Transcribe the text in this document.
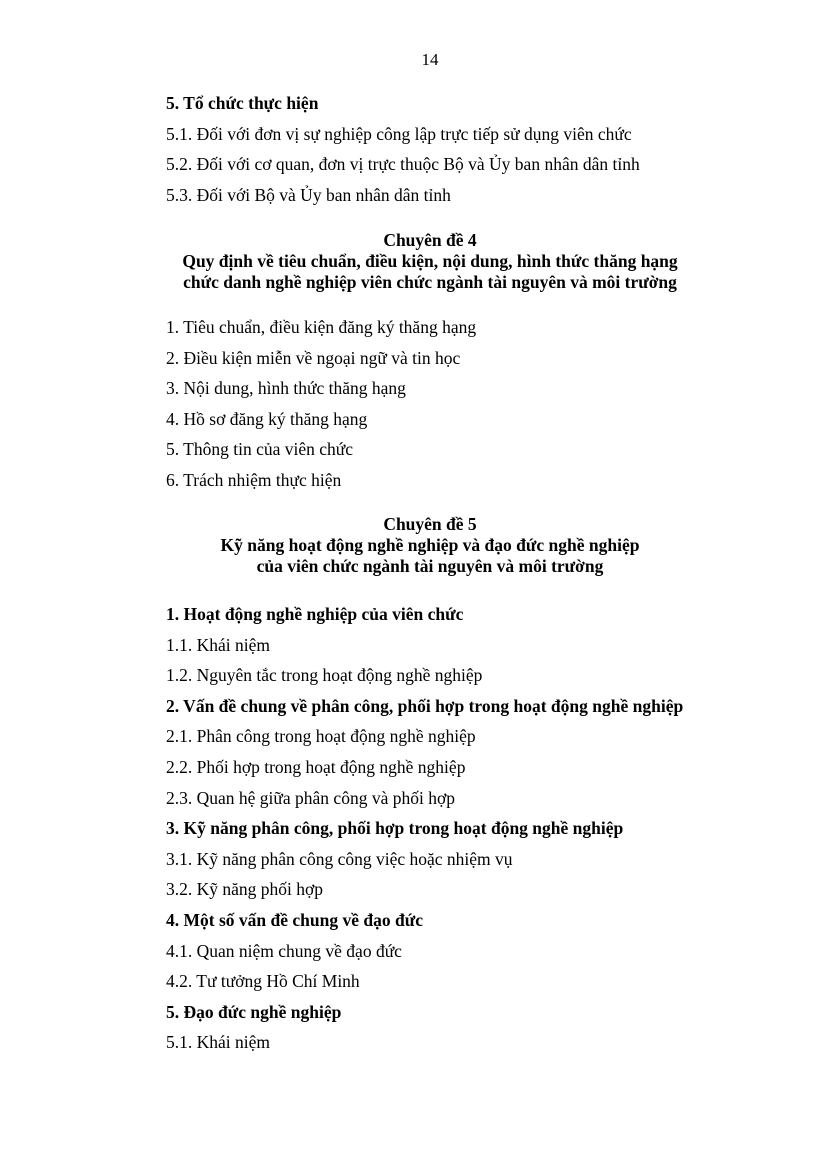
14
5. Tổ chức thực hiện
5.1. Đối với đơn vị sự nghiệp công lập trực tiếp sử dụng viên chức
5.2. Đối với cơ quan, đơn vị trực thuộc Bộ và Ủy ban nhân dân tỉnh
5.3. Đối với Bộ và Ủy ban nhân dân tỉnh
Chuyên đề 4
Quy định về tiêu chuẩn, điều kiện, nội dung, hình thức thăng hạng
chức danh nghề nghiệp viên chức ngành tài nguyên và môi trường
1. Tiêu chuẩn, điều kiện đăng ký thăng hạng
2. Điều kiện miễn về ngoại ngữ và tin học
3. Nội dung, hình thức thăng hạng
4. Hồ sơ đăng ký thăng hạng
5. Thông tin của viên chức
6. Trách nhiệm thực hiện
Chuyên đề 5
Kỹ năng hoạt động nghề nghiệp và đạo đức nghề nghiệp
của viên chức ngành tài nguyên và môi trường
1. Hoạt động nghề nghiệp của viên chức
1.1. Khái niệm
1.2. Nguyên tắc trong hoạt động nghề nghiệp
2. Vấn đề chung về phân công, phối hợp trong hoạt động nghề nghiệp
2.1. Phân công trong hoạt động nghề nghiệp
2.2. Phối hợp trong hoạt động nghề nghiệp
2.3. Quan hệ giữa phân công và phối hợp
3. Kỹ năng phân công, phối hợp trong hoạt động nghề nghiệp
3.1. Kỹ năng phân công công việc hoặc nhiệm vụ
3.2. Kỹ năng phối hợp
4. Một số vấn đề chung về đạo đức
4.1. Quan niệm chung về đạo đức
4.2. Tư tưởng Hồ Chí Minh
5. Đạo đức nghề nghiệp
5.1. Khái niệm
